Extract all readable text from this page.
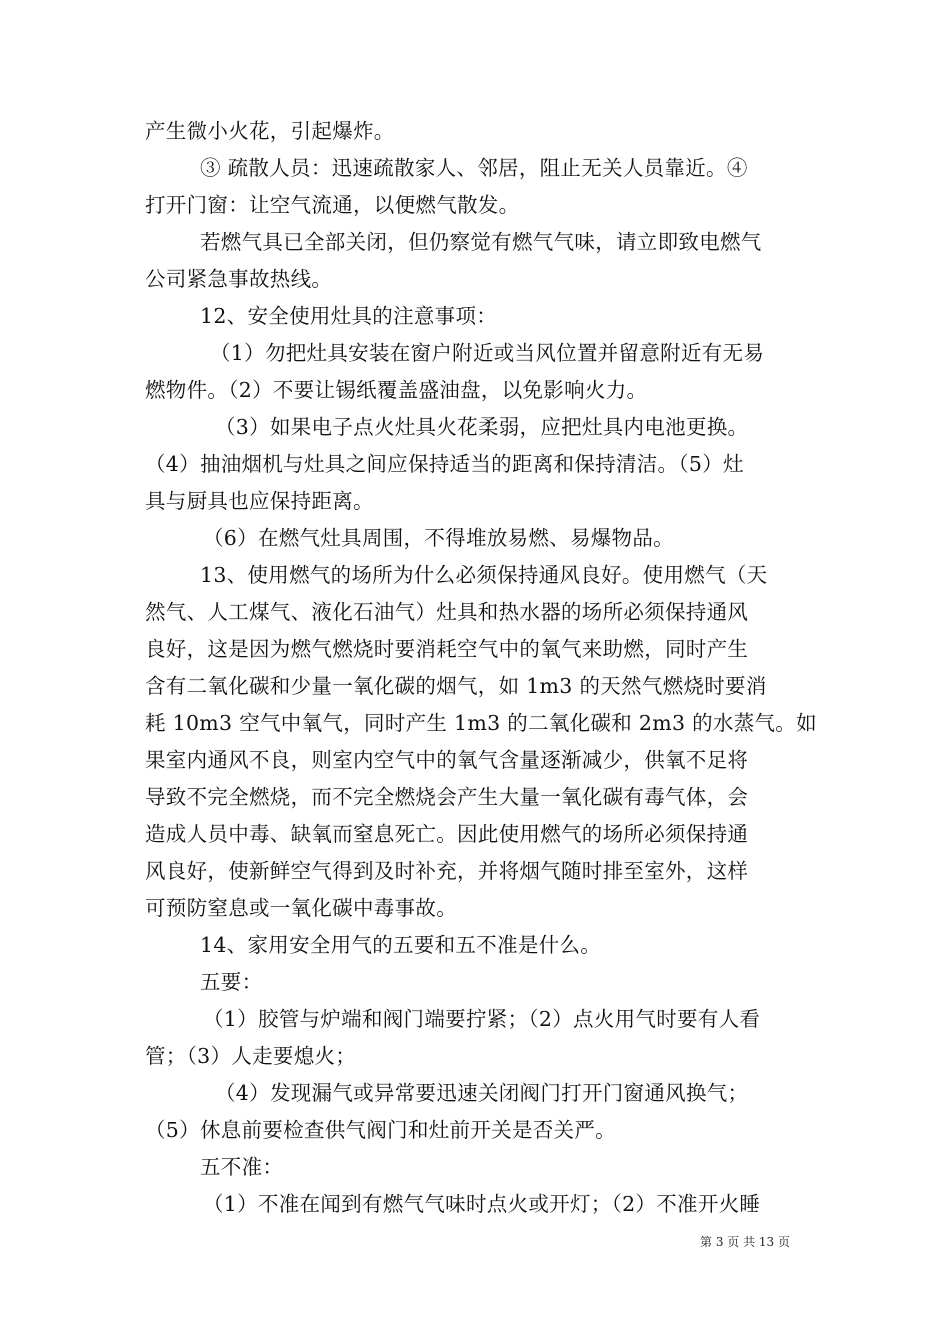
产生微小火花，引起爆炸。
③ 疏散人员：迅速疏散家人、邻居，阻止无关人员靠近。④
打开门窗：让空气流通，以便燃气散发。
若燃气具已全部关闭，但仍察觉有燃气气味，请立即致电燃气
公司紧急事故热线。
12、安全使用灶具的注意事项：
（1）勿把灶具安装在窗户附近或当风位置并留意附近有无易
燃物件。（2）不要让锡纸覆盖盛油盘，以免影响火力。
（3）如果电子点火灶具火花柔弱，应把灶具内电池更换。
（4）抽油烟机与灶具之间应保持适当的距离和保持清洁。（5）灶
具与厨具也应保持距离。
（6）在燃气灶具周围，不得堆放易燃、易爆物品。
13、使用燃气的场所为什么必须保持通风良好。使用燃气（天
然气、人工煤气、液化石油气）灶具和热水器的场所必须保持通风
良好，这是因为燃气燃烧时要消耗空气中的氧气来助燃，同时产生
含有二氧化碳和少量一氧化碳的烟气，如 1m3 的天然气燃烧时要消
耗 10m3 空气中氧气，同时产生 1m3 的二氧化碳和 2m3 的水蒸气。如
果室内通风不良，则室内空气中的氧气含量逐渐减少，供氧不足将
导致不完全燃烧，而不完全燃烧会产生大量一氧化碳有毒气体，会
造成人员中毒、缺氧而窒息死亡。因此使用燃气的场所必须保持通
风良好，使新鲜空气得到及时补充，并将烟气随时排至室外，这样
可预防窒息或一氧化碳中毒事故。
14、家用安全用气的五要和五不准是什么。
五要：
（1）胶管与炉端和阀门端要拧紧；（2）点火用气时要有人看
管；（3）人走要熄火；
（4）发现漏气或异常要迅速关闭阀门打开门窗通风换气；
（5）休息前要检查供气阀门和灶前开关是否关严。
五不准：
（1）不准在闻到有燃气气味时点火或开灯；（2）不准开火睡
第 3 页 共 13 页
